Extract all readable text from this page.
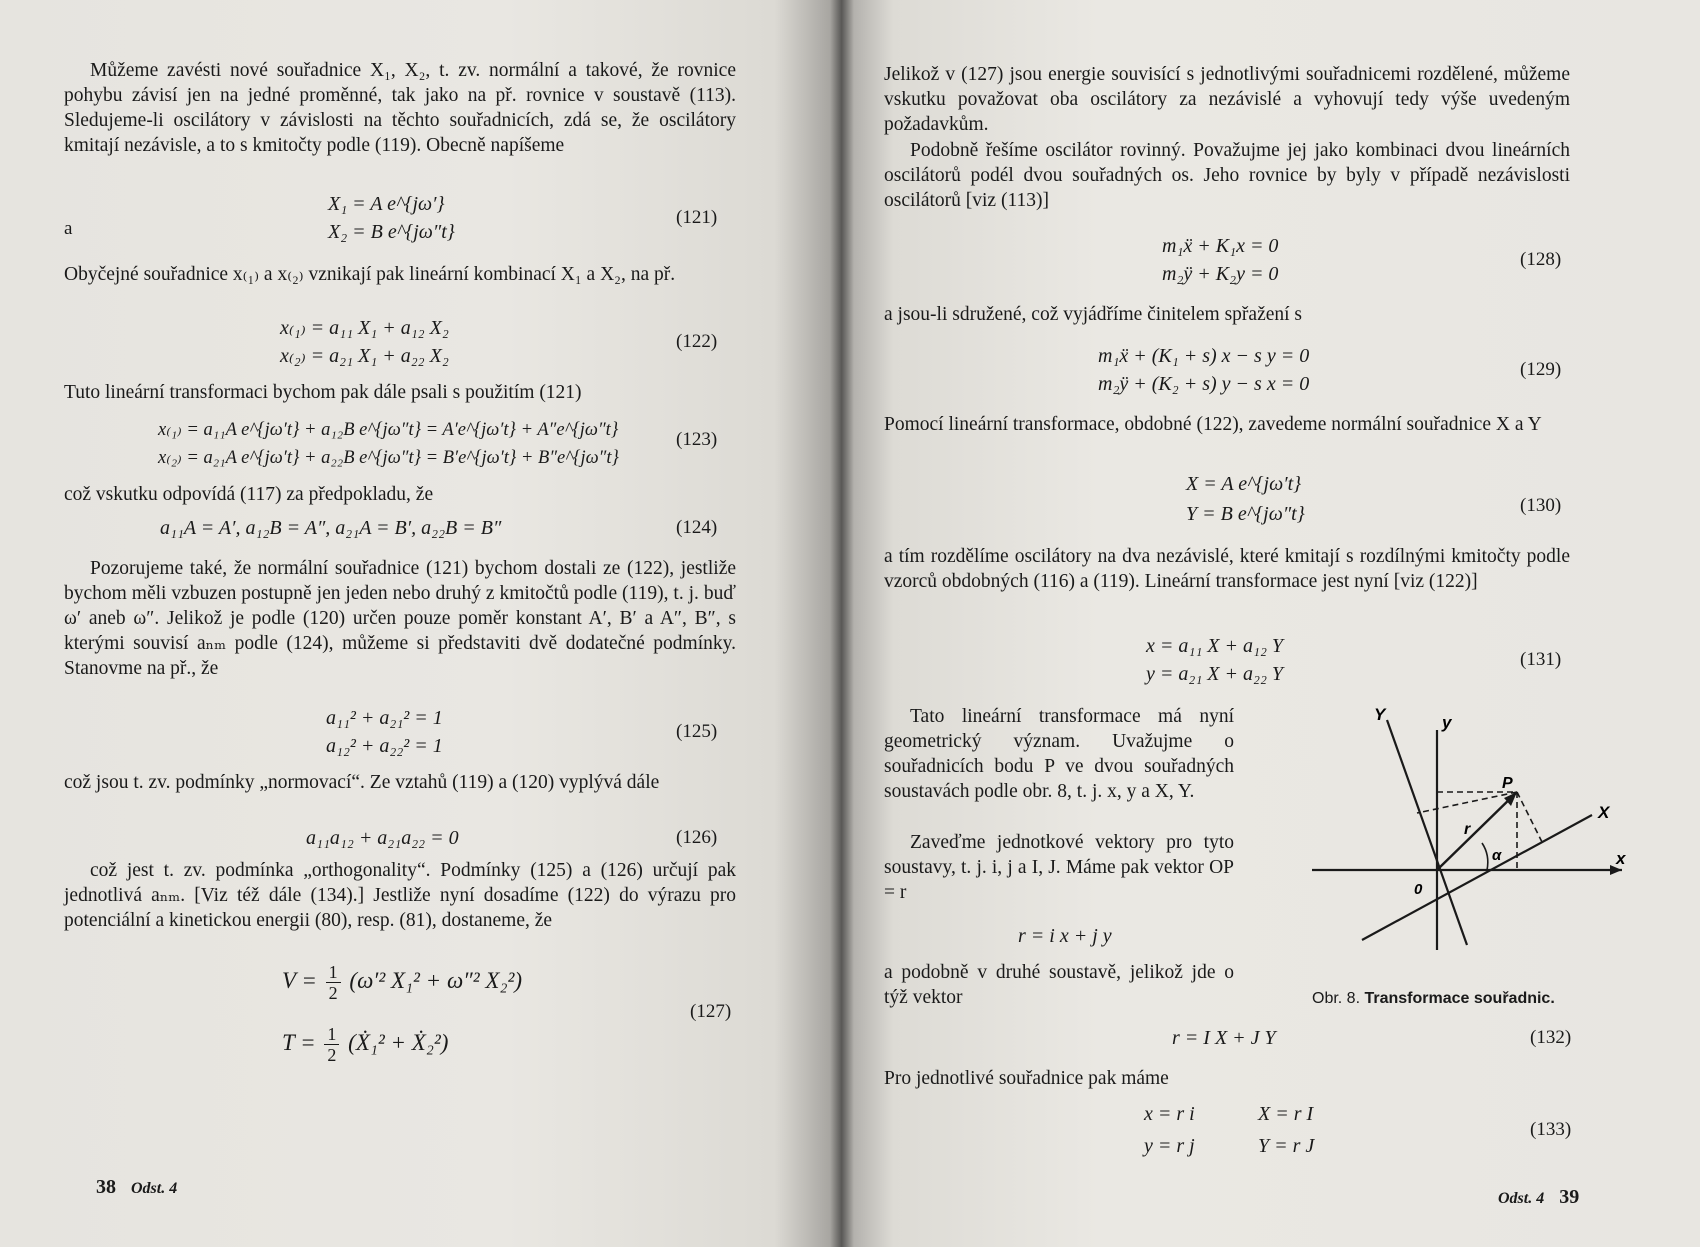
Můžeme zavésti nové souřadnice X₁, X₂, t. zv. normální a takové, že rovnice pohybu závisí jen na jedné proměnné, tak jako na př. rovnice v soustavě (113). Sledujeme-li oscilátory v závislosti na těchto souřadnicích, zdá se, že oscilátory kmitají nezávisle, a to s kmitočty podle (119). Obecně napíšeme

a
X₁ = A e^{jω′}
X₂ = B e^{jω″t}
(121)

Obyčejné souřadnice x₍₁₎ a x₍₂₎ vznikají pak lineární kombinací X₁ a X₂, na př.

x₍₁₎ = a₁₁ X₁ + a₁₂ X₂
x₍₂₎ = a₂₁ X₁ + a₂₂ X₂
(122)

Tuto lineární transformaci bychom pak dále psali s použitím (121)

x₍₁₎ = a₁₁A e^{jω′t} + a₁₂B e^{jω″t} = A′e^{jω′t} + A″e^{jω″t}
x₍₂₎ = a₂₁A e^{jω′t} + a₂₂B e^{jω″t} = B′e^{jω′t} + B″e^{jω″t}
(123)

což vskutku odpovídá (117) za předpokladu, že

a₁₁A = A′, a₁₂B = A″, a₂₁A = B′, a₂₂B = B″	(124)

Pozorujeme také, že normální souřadnice (121) bychom dostali ze (122), jestliže bychom měli vzbuzen postupně jen jeden nebo druhý z kmitočtů podle (119), t. j. buď ω′ aneb ω″. Jelikož je podle (120) určen pouze poměr konstant A′, B′ a A″, B″, s kterými souvisí aₙₘ podle (124), můžeme si představiti dvě dodatečné podmínky. Stanovme na př., že

a₁₁² + a₂₁² = 1
a₁₂² + a₂₂² = 1
(125)

což jsou t. zv. podmínky „normovací“. Ze vztahů (119) a (120) vyplývá dále

a₁₁a₁₂ + a₂₁a₂₂ = 0	(126)

což jest t. zv. podmínka „orthogonality“. Podmínky (125) a (126) určují pak jednotlivá aₙₘ. [Viz též dále (134).] Jestliže nyní dosadíme (122) do výrazu pro potenciální a kinetickou energii (80), resp. (81), dostaneme, že

$V = \frac{1}{2} (\omega'^2$ X₁² + ω″² X₂²)
$T = \frac{1}{2}$ (Ẋ₁² + Ẋ₂²)
(127)
38 Odst. 4

Jelikož v (127) jsou energie souvisící s jednotlivými souřadnicemi rozdělené, můžeme vskutku považovat oba oscilátory za nezávislé a vyhovují tedy výše uvedeným požadavkům.

Podobně řešíme oscilátor rovinný. Považujme jej jako kombinaci dvou lineárních oscilátorů podél dvou souřadných os. Jeho rovnice by byly v případě nezávislosti oscilátorů [viz (113)]

m₁ẍ + K₁x = 0
m₂ÿ + K₂y = 0
(128)

a jsou-li sdružené, což vyjádříme činitelem spřažení s

m₁ẍ + (K₁ + s) x − s y = 0
m₂ÿ + (K₂ + s) y − s x = 0
(129)

Pomocí lineární transformace, obdobné (122), zavedeme normální souřadnice X a Y

X = A e^{jω′t}
Y = B e^{jω″t}	(130)

a tím rozdělíme oscilátory na dva nezávislé, které kmitají s rozdílnými kmitočty podle vzorců obdobných (116) a (119). Lineární transformace jest nyní [viz (122)]

x = a₁₁ X + a₁₂ Y
y = a₂₁ X + a₂₂ Y
(131)

Tato lineární transformace má nyní geometrický význam. Uvažujme o souřadnicích bodu P ve dvou souřadných soustavách podle obr. 8, t. j. x, y a X, Y.

Zaveďme jednotkové vektory pro tyto soustavy, t. j. i, j a I, J. Máme pak vektor OP = r

r = i x + j y

a podobně v druhé soustavě, jelikož jde o týž vektor

Y	y
X
x
0
P
r
α
Obr. 8. Transformace souřadnic.
r = I X + J Y	(132)

Pro jednotlivé souřadnice pak máme

x = r i	X = r I
y = r j	Y = r J
(133)
Odst. 4 39
